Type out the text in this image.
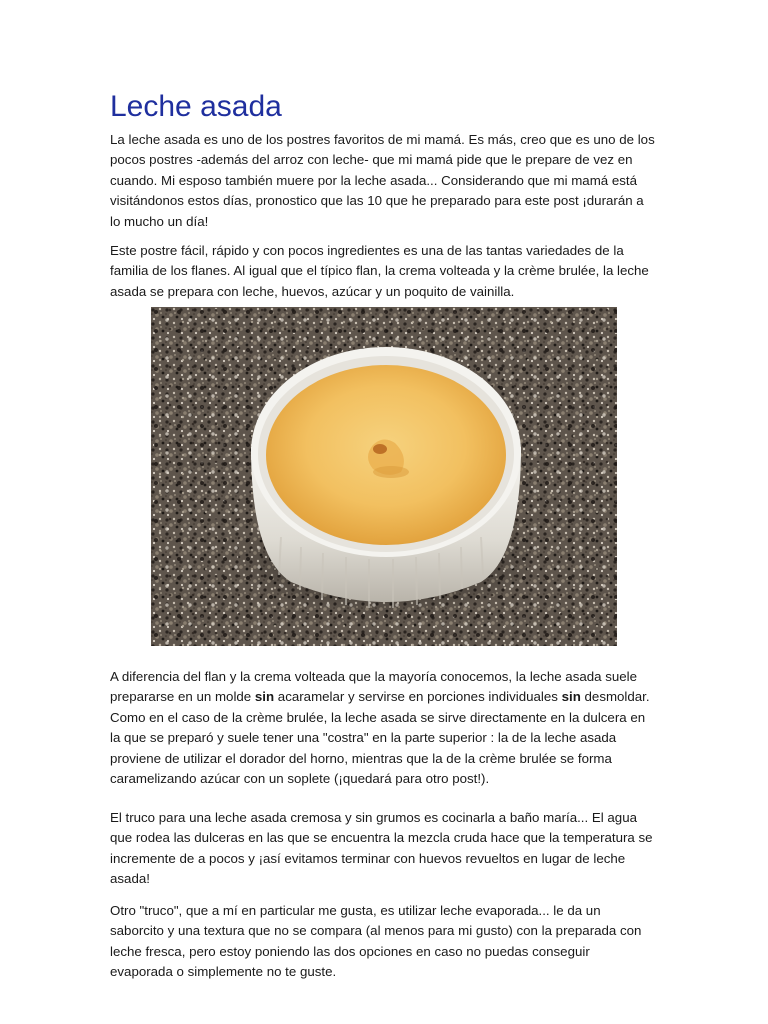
Leche asada

La leche asada es uno de los postres favoritos de mi mamá. Es más, creo que es uno de los pocos postres -además del arroz con leche- que mi mamá pide que le prepare de vez en cuando. Mi esposo también muere por la leche asada... Considerando que mi mamá está visitándonos estos días, pronostico que las 10 que he preparado para este post ¡durarán a lo mucho un día!

Este postre fácil, rápido y con pocos ingredientes es una de las tantas variedades de la familia de los flanes. Al igual que el típico flan, la crema volteada y la crème brulée, la leche asada se prepara con leche, huevos, azúcar y un poquito de vainilla.

A diferencia del flan y la crema volteada que la mayoría conocemos, la leche asada suele prepararse en un molde sin acaramelar y servirse en porciones individuales sin desmoldar. Como en el caso de la crème brulée, la leche asada se sirve directamente en la dulcera en la que se preparó y suele tener una "costra" en la parte superior : la de la leche asada proviene de utilizar el dorador del horno, mientras que la de la crème brulée se forma caramelizando azúcar con un soplete (¡quedará para otro post!).

El truco para una leche asada cremosa y sin grumos es cocinarla a baño maría... El agua que rodea las dulceras en las que se encuentra la mezcla cruda hace que la temperatura se incremente de a pocos y ¡así evitamos terminar con huevos revueltos en lugar de leche asada!

Otro "truco", que a mí en particular me gusta, es utilizar leche evaporada... le da un saborcito y una textura que no se compara (al menos para mi gusto) con la preparada con leche fresca, pero estoy poniendo las dos opciones en caso no puedas conseguir evaporada o simplemente no te guste.
